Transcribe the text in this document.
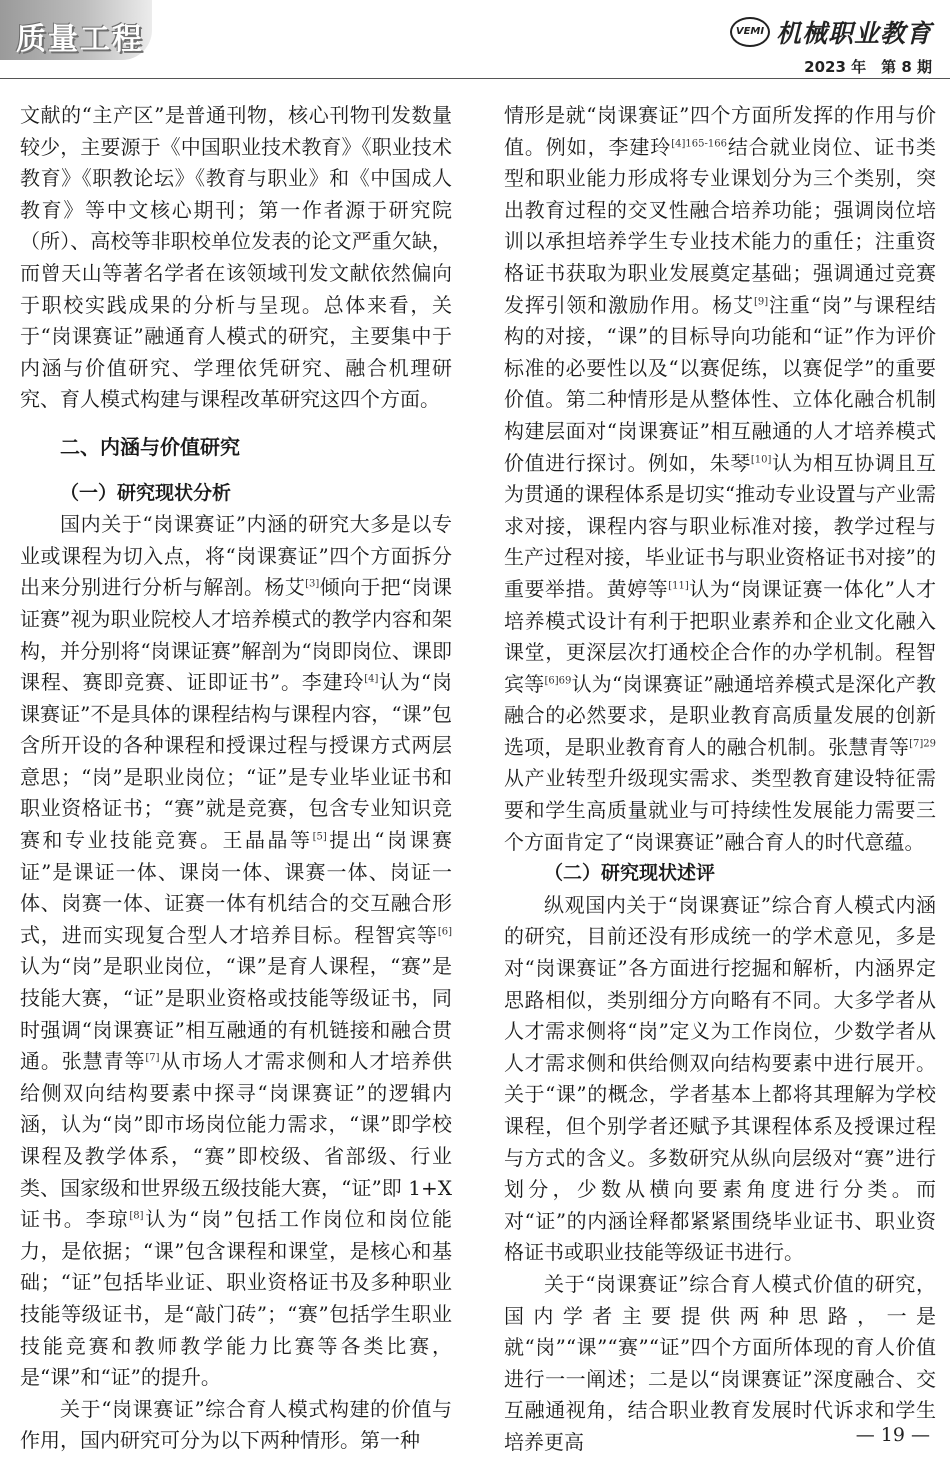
质量工程	VEMI 机械职业教育
2023 年　第 8 期

文献的“主产区”是普通刊物，核心刊物刊发数量较少，主要源于《中国职业技术教育》《职业技术教育》《职教论坛》《教育与职业》和《中国成人教育》等中文核心期刊；第一作者源于研究院（所）、高校等非职校单位发表的论文严重欠缺，而曾天山等著名学者在该领域刊发文献依然偏向于职校实践成果的分析与呈现。总体来看，关于“岗课赛证”融通育人模式的研究，主要集中于内涵与价值研究、学理依凭研究、融合机理研究、育人模式构建与课程改革研究这四个方面。

二、内涵与价值研究
（一）研究现状分析

国内关于“岗课赛证”内涵的研究大多是以专业或课程为切入点，将“岗课赛证”四个方面拆分出来分别进行分析与解剖。杨艾[3]倾向于把“岗课证赛”视为职业院校人才培养模式的教学内容和架构，并分别将“岗课证赛”解剖为“岗即岗位、课即课程、赛即竞赛、证即证书”。李建玲[4]认为“岗课赛证”不是具体的课程结构与课程内容，“课”包含所开设的各种课程和授课过程与授课方式两层意思；“岗”是职业岗位；“证”是专业毕业证书和职业资格证书；“赛”就是竞赛，包含专业知识竞赛和专业技能竞赛。王晶晶等[5]提出“岗课赛证”是课证一体、课岗一体、课赛一体、岗证一体、岗赛一体、证赛一体有机结合的交互融合形式，进而实现复合型人才培养目标。程智宾等[6]认为“岗”是职业岗位，“课”是育人课程，“赛”是技能大赛，“证”是职业资格或技能等级证书，同时强调“岗课赛证”相互融通的有机链接和融合贯通。张慧青等[7]从市场人才需求侧和人才培养供给侧双向结构要素中探寻“岗课赛证”的逻辑内涵，认为“岗”即市场岗位能力需求，“课”即学校课程及教学体系，“赛”即校级、省部级、行业类、国家级和世界级五级技能大赛，“证”即 1+X 证书。李琼[8]认为“岗”包括工作岗位和岗位能力，是依据；“课”包含课程和课堂，是核心和基础；“证”包括毕业证、职业资格证书及多种职业技能等级证书，是“敲门砖”；“赛”包括学生职业技能竞赛和教师教学能力比赛等各类比赛，是“课”和“证”的提升。

关于“岗课赛证”综合育人模式构建的价值与作用，国内研究可分为以下两种情形。第一种

情形是就“岗课赛证”四个方面所发挥的作用与价值。例如，李建玲$^{[4]165-166}$结合就业岗位、证书类型和职业能力形成将专业课划分为三个类别，突出教育过程的交叉性融合培养功能；强调岗位培训以承担培养学生专业技术能力的重任；注重资格证书获取为职业发展奠定基础；强调通过竞赛发挥引领和激励作用。杨艾[9]注重“岗”与课程结构的对接，“课”的目标导向功能和“证”作为评价标准的必要性以及“以赛促练，以赛促学”的重要价值。第二种情形是从整体性、立体化融合机制构建层面对“岗课赛证”相互融通的人才培养模式价值进行探讨。例如，朱琴[10]认为相互协调且互为贯通的课程体系是切实“推动专业设置与产业需求对接，课程内容与职业标准对接，教学过程与生产过程对接，毕业证书与职业资格证书对接”的重要举措。黄婷等[11]认为“岗课证赛一体化”人才培养模式设计有利于把职业素养和企业文化融入课堂，更深层次打通校企合作的办学机制。程智宾等$^{[6]69}$认为“岗课赛证”融通培养模式是深化产教融合的必然要求，是职业教育高质量发展的创新选项，是职业教育育人的融合机制。张慧青等$^{[7]29}$从产业转型升级现实需求、类型教育建设特征需要和学生高质量就业与可持续性发展能力需要三个方面肯定了“岗课赛证”融合育人的时代意蕴。

（二）研究现状述评

纵观国内关于“岗课赛证”综合育人模式内涵的研究，目前还没有形成统一的学术意见，多是对“岗课赛证”各方面进行挖掘和解析，内涵界定思路相似，类别细分方向略有不同。大多学者从人才需求侧将“岗”定义为工作岗位，少数学者从人才需求侧和供给侧双向结构要素中进行展开。关于“课”的概念，学者基本上都将其理解为学校课程，但个别学者还赋予其课程体系及授课过程与方式的含义。多数研究从纵向层级对“赛”进行划分，少数从横向要素角度进行分类。而对“证”的内涵诠释都紧紧围绕毕业证书、职业资格证书或职业技能等级证书进行。

关于“岗课赛证”综合育人模式价值的研究，国内学者主要提供两种思路，一是就“岗”“课”“赛”“证”四个方面所体现的育人价值进行一一阐述；二是以“岗课赛证”深度融合、交互融通视角，结合职业教育发展时代诉求和学生培养更高	— 19 —
